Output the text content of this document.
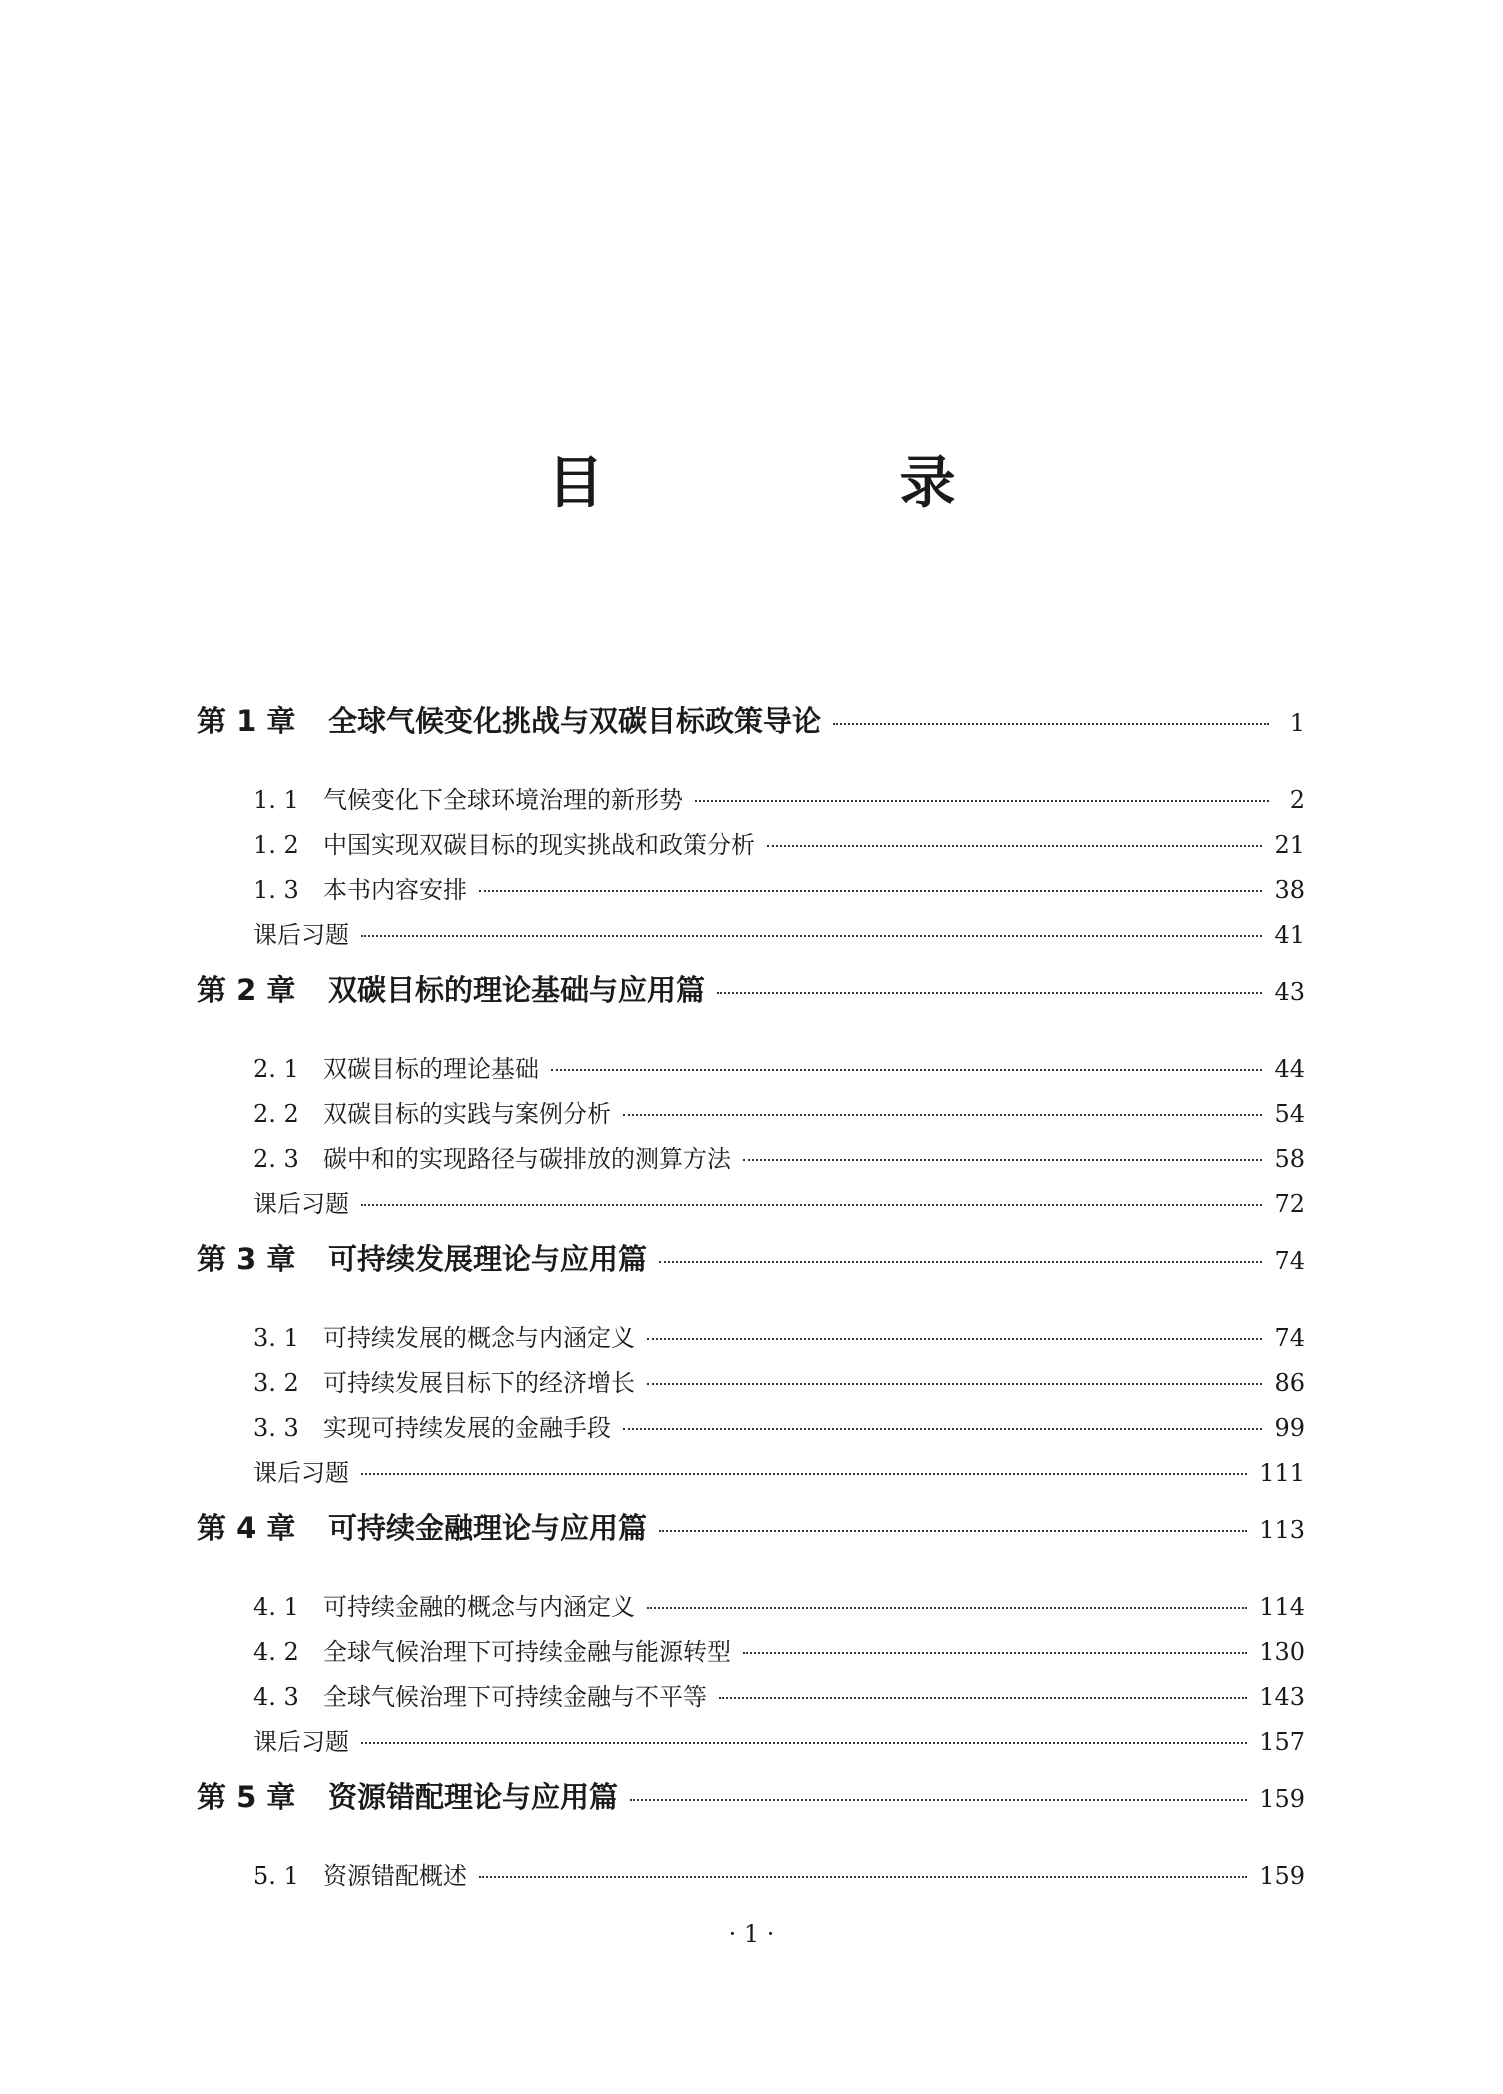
目　录
第 1 章	全球气候变化挑战与双碳目标政策导论	1
1. 1	气候变化下全球环境治理的新形势	2
1. 2	中国实现双碳目标的现实挑战和政策分析	21
1. 3	本书内容安排	38
课后习题	41
第 2 章	双碳目标的理论基础与应用篇	43
2. 1	双碳目标的理论基础	44
2. 2	双碳目标的实践与案例分析	54
2. 3	碳中和的实现路径与碳排放的测算方法	58
课后习题	72
第 3 章	可持续发展理论与应用篇	74
3. 1	可持续发展的概念与内涵定义	74
3. 2	可持续发展目标下的经济增长	86
3. 3	实现可持续发展的金融手段	99
课后习题	111
第 4 章	可持续金融理论与应用篇	113
4. 1	可持续金融的概念与内涵定义	114
4. 2	全球气候治理下可持续金融与能源转型	130
4. 3	全球气候治理下可持续金融与不平等	143
课后习题	157
第 5 章	资源错配理论与应用篇	159
5. 1	资源错配概述	159
· 1 ·
